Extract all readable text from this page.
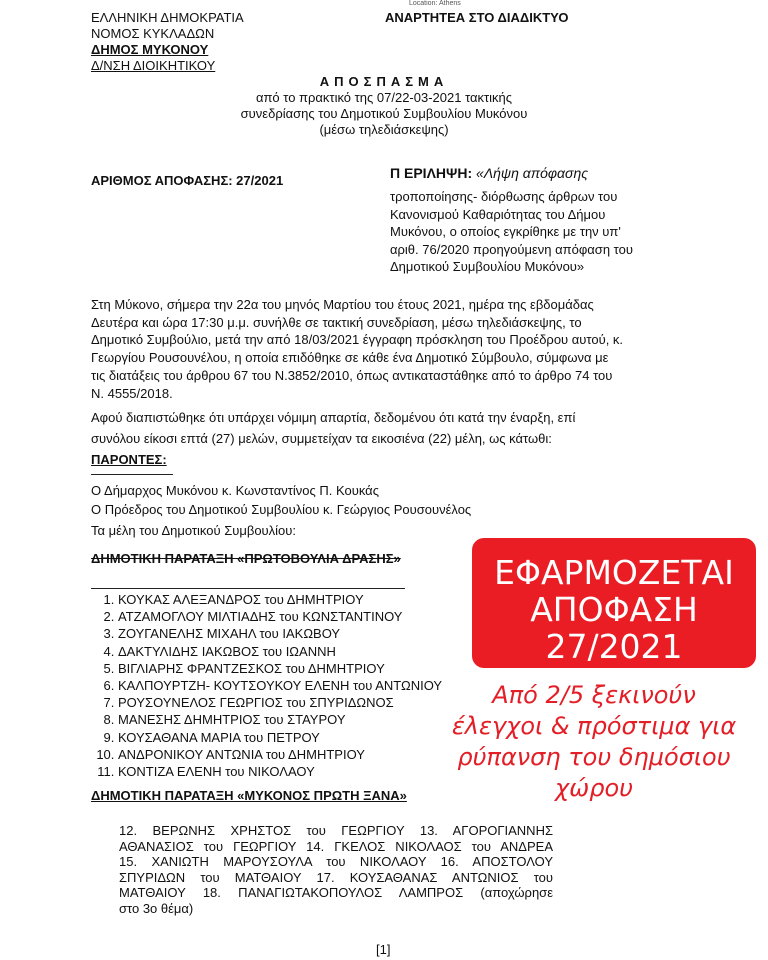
Location: Athens
ΕΛΛΗΝΙΚΗ ΔΗΜΟΚΡΑΤΙΑ
ΝΟΜΟΣ ΚΥΚΛΑΔΩΝ
ΔΗΜΟΣ ΜΥΚΟΝΟΥ
Δ/ΝΣΗ ΔΙΟΙΚΗΤΙΚΟΥ
ΑΝΑΡΤΗΤΕΑ ΣΤΟ ΔΙΑΔΙΚΤΥΟ
ΑΠΟΣΠΑΣΜΑ
από το πρακτικό της 07/22-03-2021 τακτικής
συνεδρίασης του Δημοτικού Συμβουλίου Μυκόνου
(μέσω τηλεδιάσκεψης)
ΑΡΙΘΜΟΣ ΑΠΟΦΑΣΗΣ: 27/2021	Π ΕΡΙΛΗΨΗ: «Λήψη απόφασης
τροποποίησης- διόρθωσης άρθρων του
Κανονισμού Καθαριότητας του Δήμου
Μυκόνου, ο οποίος εγκρίθηκε με την υπ'
αριθ. 76/2020 προηγούμενη απόφαση του
Δημοτικού Συμβουλίου Μυκόνου»
Στη Μύκονο, σήμερα την 22α του μηνός Μαρτίου του έτους 2021, ημέρα της εβδομάδας
Δευτέρα και ώρα 17:30 μ.μ. συνήλθε σε τακτική συνεδρίαση, μέσω τηλεδιάσκεψης, το
Δημοτικό Συμβούλιο, μετά την από 18/03/2021 έγγραφη πρόσκληση του Προέδρου αυτού, κ.
Γεωργίου Ρουσουνέλου, η οποία επιδόθηκε σε κάθε ένα Δημοτικό Σύμβουλο, σύμφωνα με
τις διατάξεις του άρθρου 67 του Ν.3852/2010, όπως αντικαταστάθηκε από το άρθρο 74 του
Ν. 4555/2018.
Αφού διαπιστώθηκε ότι υπάρχει νόμιμη απαρτία, δεδομένου ότι κατά την έναρξη, επί
συνόλου είκοσι επτά (27) μελών, συμμετείχαν τα εικοσιένα (22) μέλη, ως κάτωθι:
ΠΑΡΟΝΤΕΣ:
Ο Δήμαρχος Μυκόνου κ. Κωνσταντίνος Π. Κουκάς
Ο Πρόεδρος του Δημοτικού Συμβουλίου κ. Γεώργιος Ρουσουνέλος
Τα μέλη του Δημοτικού Συμβουλίου:
ΔΗΜΟΤΙΚΗ ΠΑΡΑΤΑΞΗ «ΠΡΩΤΟΒΟΥΛΙΑ ΔΡΑΣΗΣ»
1. ΚΟΥΚΑΣ ΑΛΕΞΑΝΔΡΟΣ του ΔΗΜΗΤΡΙΟΥ
2. ΑΤΖΑΜΟΓΛΟΥ ΜΙΛΤΙΑΔΗΣ του ΚΩΝΣΤΑΝΤΙΝΟΥ
3. ΖΟΥΓΑΝΕΛΗΣ ΜΙΧΑΗΛ του ΙΑΚΩΒΟΥ
4. ΔΑΚΤΥΛΙΔΗΣ ΙΑΚΩΒΟΣ του ΙΩΑΝΝΗ
5. ΒΙΓΛΙΑΡΗΣ ΦΡΑΝΤΖΕΣΚΟΣ του ΔΗΜΗΤΡΙΟΥ
6. ΚΑΛΠΟΥΡΤΖΗ- ΚΟΥΤΣΟΥΚΟΥ ΕΛΕΝΗ του ΑΝΤΩΝΙΟΥ
7. ΡΟΥΣΟΥΝΕΛΟΣ ΓΕΩΡΓΙΟΣ του ΣΠΥΡΙΔΩΝΟΣ
8. ΜΑΝΕΣΗΣ ΔΗΜΗΤΡΙΟΣ του ΣΤΑΥΡΟΥ
9. ΚΟΥΣΑΘΑΝΑ ΜΑΡΙΑ του ΠΕΤΡΟΥ
10. ΑΝΔΡΟΝΙΚΟΥ ΑΝΤΩΝΙΑ του ΔΗΜΗΤΡΙΟΥ
11. ΚΟΝΤΙΖΑ ΕΛΕΝΗ του ΝΙΚΟΛΑΟΥ
ΔΗΜΟΤΙΚΗ ΠΑΡΑΤΑΞΗ «ΜΥΚΟΝΟΣ ΠΡΩΤΗ ΞΑΝΑ»
12. ΒΕΡΩΝΗΣ ΧΡΗΣΤΟΣ του ΓΕΩΡΓΙΟΥ 13. ΑΓΟΡΟΓΙΑΝΝΗΣ
ΑΘΑΝΑΣΙΟΣ του ΓΕΩΡΓΙΟΥ 14. ΓΚΕΛΟΣ ΝΙΚΟΛΑΟΣ του ΑΝΔΡΕΑ
15. ΧΑΝΙΩΤΗ ΜΑΡΟΥΣΟΥΛΑ του ΝΙΚΟΛΑΟΥ 16. ΑΠΟΣΤΟΛΟΥ
ΣΠΥΡΙΔΩΝ του ΜΑΤΘΑΙΟΥ 17. ΚΟΥΣΑΘΑΝΑΣ ΑΝΤΩΝΙΟΣ του
ΜΑΤΘΑΙΟΥ 18. ΠΑΝΑΓΙΩΤΑΚΟΠΟΥΛΟΣ ΛΑΜΠΡΟΣ (αποχώρησε
στο 3ο θέμα)
ΕΦΑΡΜΟΖΕΤΑΙ
ΑΠΟΦΑΣΗ
27/2021
Από 2/5 ξεκινούν
έλεγχοι & πρόστιμα για
ρύπανση του δημόσιου
χώρου
[1]
